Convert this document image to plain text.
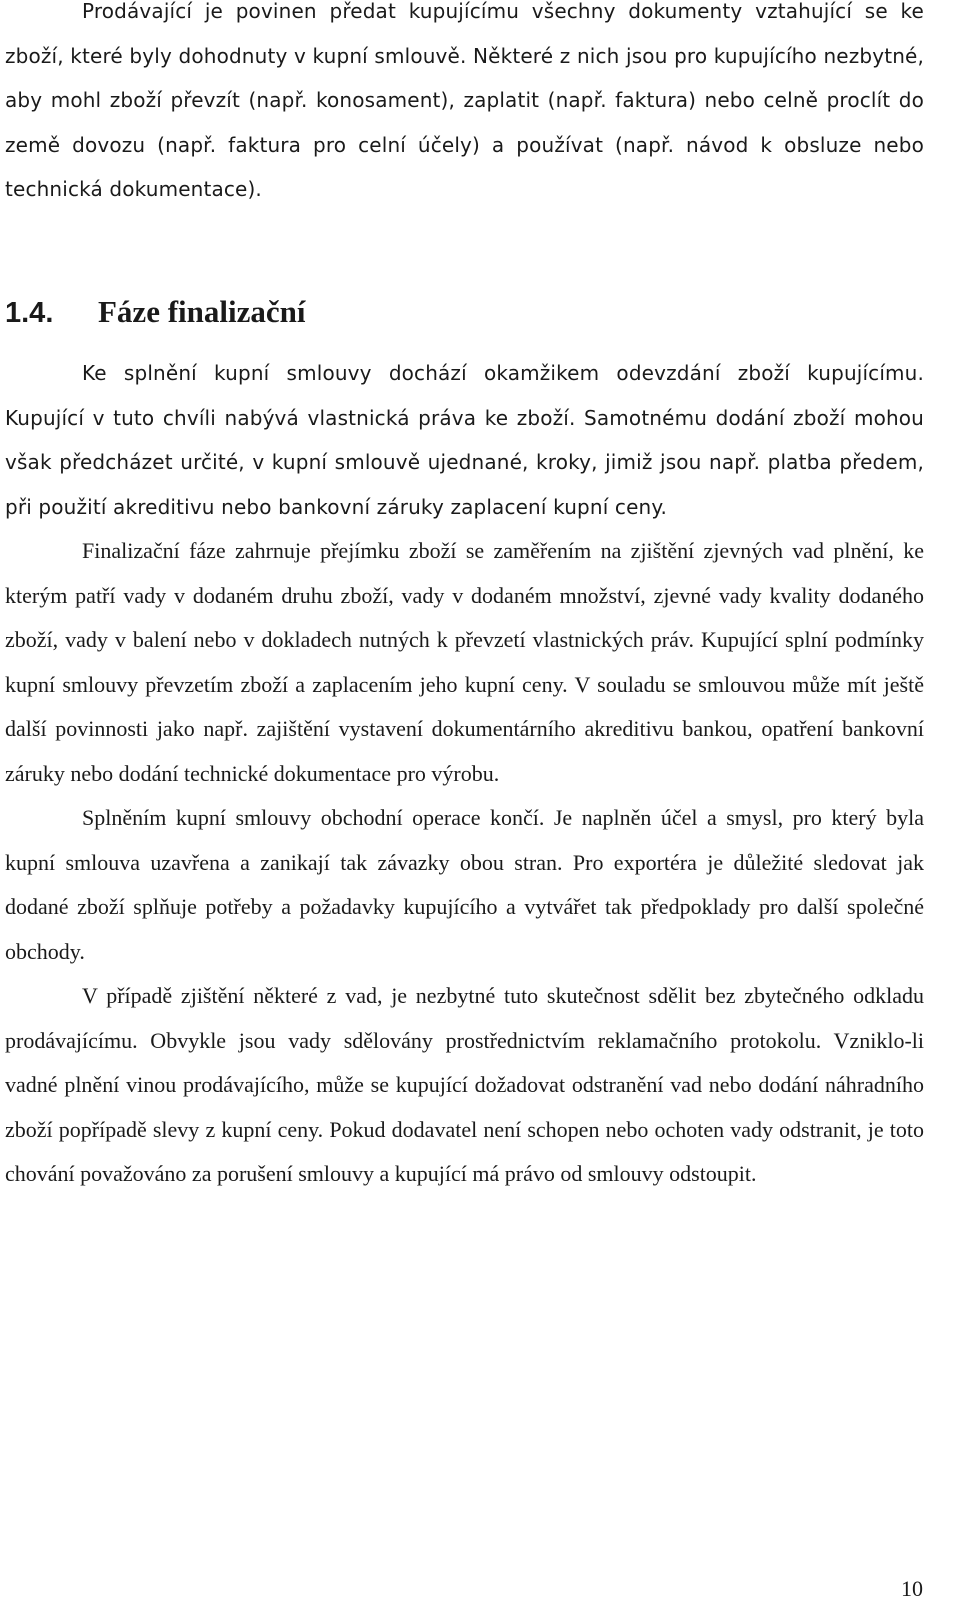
Prodávající je povinen předat kupujícímu všechny dokumenty vztahující se ke zboží, které byly dohodnuty v kupní smlouvě. Některé z nich jsou pro kupujícího nezbytné, aby mohl zboží převzít (např. konosament), zaplatit (např. faktura) nebo celně proclít do země dovozu (např. faktura pro celní účely) a používat (např. návod k obsluze nebo technická dokumentace).

1.4.	Fáze finalizační

Ke splnění kupní smlouvy dochází okamžikem odevzdání zboží kupujícímu. Kupující v tuto chvíli nabývá vlastnická práva ke zboží. Samotnému dodání zboží mohou však předcházet určité, v kupní smlouvě ujednané, kroky, jimiž jsou např. platba předem, při použití akreditivu nebo bankovní záruky zaplacení kupní ceny.

Finalizační fáze zahrnuje přejímku zboží se zaměřením na zjištění zjevných vad plnění, ke kterým patří vady v dodaném druhu zboží, vady v dodaném množství, zjevné vady kvality dodaného zboží, vady v balení nebo v dokladech nutných k převzetí vlastnických práv. Kupující splní podmínky kupní smlouvy převzetím zboží a zaplacením jeho kupní ceny. V souladu se smlouvou může mít ještě další povinnosti jako např. zajištění vystavení dokumentárního akreditivu bankou, opatření bankovní záruky nebo dodání technické dokumentace pro výrobu.

Splněním kupní smlouvy obchodní operace končí. Je naplněn účel a smysl, pro který byla kupní smlouva uzavřena a zanikají tak závazky obou stran. Pro exportéra je důležité sledovat jak dodané zboží splňuje potřeby a požadavky kupujícího a vytvářet tak předpoklady pro další společné obchody.

V případě zjištění některé z vad, je nezbytné tuto skutečnost sdělit bez zbytečného odkladu prodávajícímu. Obvykle jsou vady sdělovány prostřednictvím reklamačního protokolu. Vzniklo-li vadné plnění vinou prodávajícího, může se kupující dožadovat odstranění vad nebo dodání náhradního zboží popřípadě slevy z kupní ceny. Pokud dodavatel není schopen nebo ochoten vady odstranit, je toto chování považováno za porušení smlouvy a kupující má právo od smlouvy odstoupit.

10
